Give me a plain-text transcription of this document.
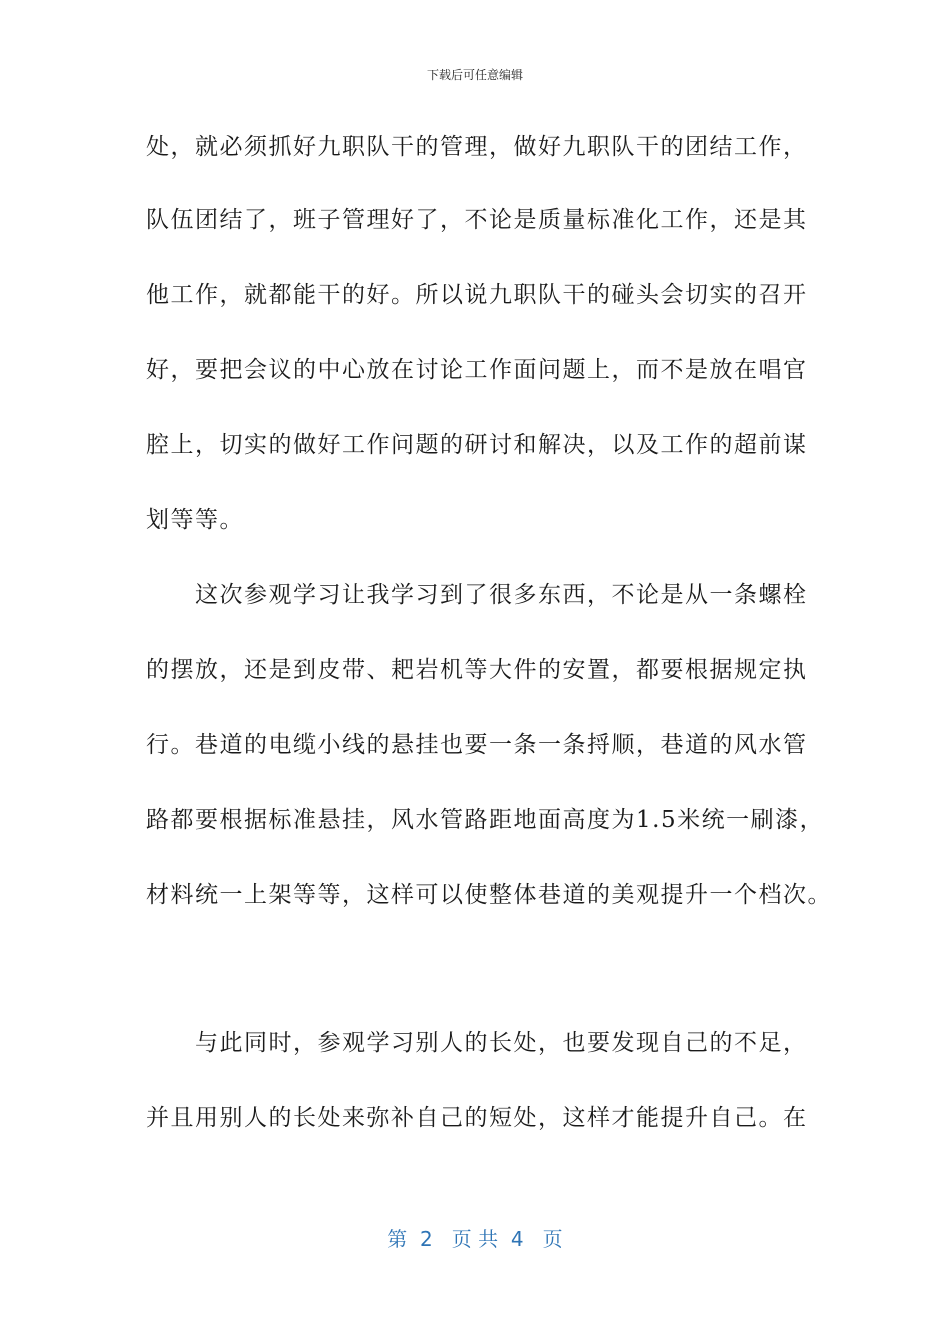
下载后可任意编辑
处，就必须抓好九职队干的管理，做好九职队干的团结工作，
队伍团结了，班子管理好了，不论是质量标准化工作，还是其
他工作，就都能干的好。所以说九职队干的碰头会切实的召开
好，要把会议的中心放在讨论工作面问题上，而不是放在唱官
腔上，切实的做好工作问题的研讨和解决，以及工作的超前谋
划等等。
　　这次参观学习让我学习到了很多东西，不论是从一条螺栓
的摆放，还是到皮带、耙岩机等大件的安置，都要根据规定执
行。巷道的电缆小线的悬挂也要一条一条捋顺，巷道的风水管
路都要根据标准悬挂，风水管路距地面高度为1.5米统一刷漆，
材料统一上架等等，这样可以使整体巷道的美观提升一个档次。
　　与此同时，参观学习别人的长处，也要发现自己的不足，
并且用别人的长处来弥补自己的短处，这样才能提升自己。在
第  2   页 共  4   页
